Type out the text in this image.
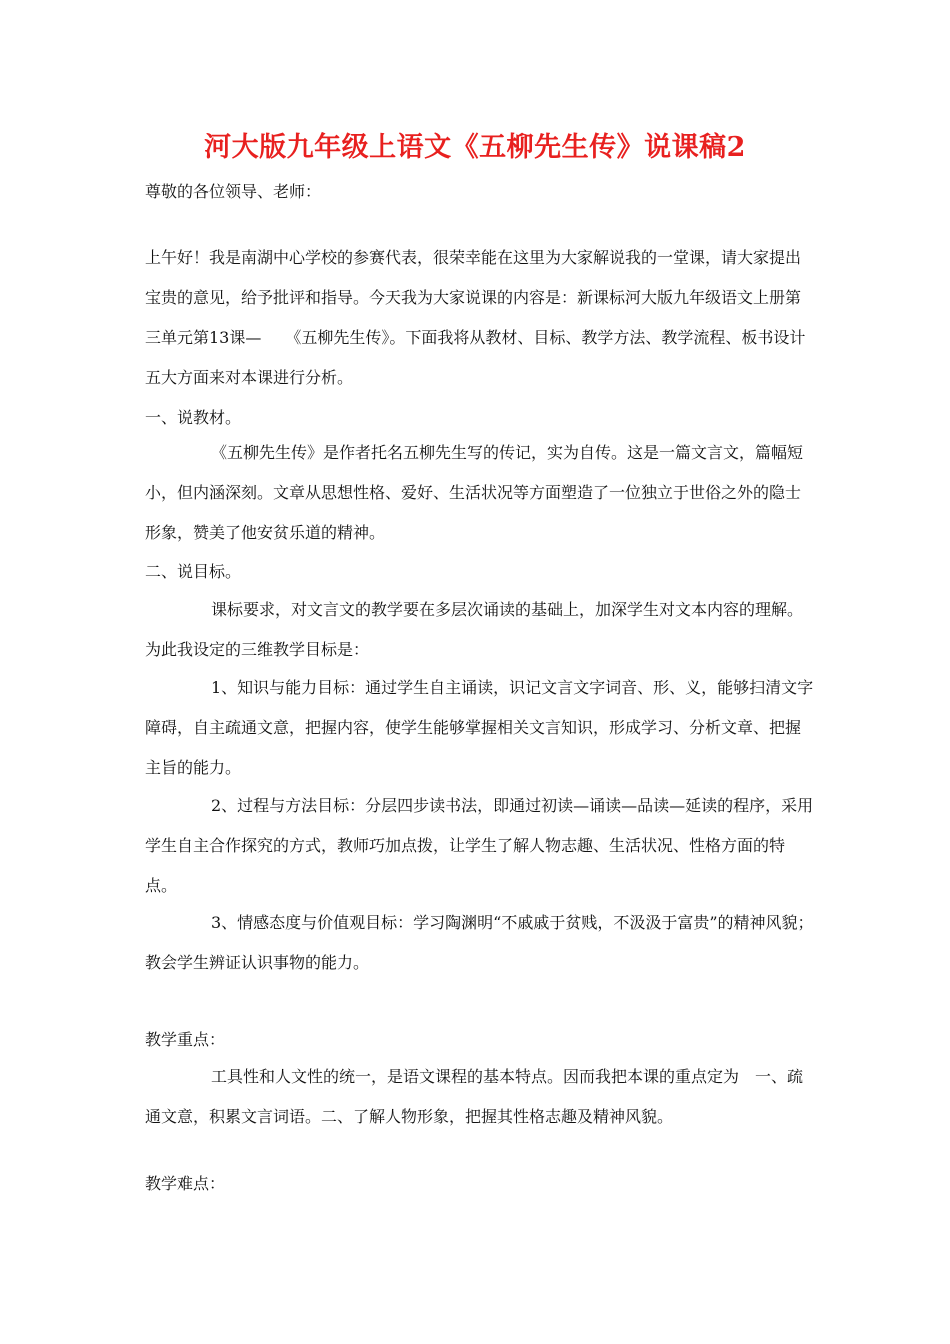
河大版九年级上语文《五柳先生传》说课稿2

尊敬的各位领导、老师：

上午好！我是南湖中心学校的参赛代表，很荣幸能在这里为大家解说我的一堂课，请大家提出宝贵的意见，给予批评和指导。今天我为大家说课的内容是：新课标河大版九年级语文上册第三单元第13课—　　《五柳先生传》。下面我将从教材、目标、教学方法、教学流程、板书设计五大方面来对本课进行分析。

一、说教材。

《五柳先生传》是作者托名五柳先生写的传记，实为自传。这是一篇文言文，篇幅短小，但内涵深刻。文章从思想性格、爱好、生活状况等方面塑造了一位独立于世俗之外的隐士形象，赞美了他安贫乐道的精神。

二、说目标。

课标要求，对文言文的教学要在多层次诵读的基础上，加深学生对文本内容的理解。为此我设定的三维教学目标是：

1、知识与能力目标：通过学生自主诵读，识记文言文字词音、形、义，能够扫清文字障碍，自主疏通文意，把握内容，使学生能够掌握相关文言知识，形成学习、分析文章、把握主旨的能力。

2、过程与方法目标：分层四步读书法，即通过初读—诵读—品读—延读的程序，采用学生自主合作探究的方式，教师巧加点拨，让学生了解人物志趣、生活状况、性格方面的特点。

3、情感态度与价值观目标：学习陶渊明“不戚戚于贫贱，不汲汲于富贵”的精神风貌；教会学生辨证认识事物的能力。

教学重点：

工具性和人文性的统一，是语文课程的基本特点。因而我把本课的重点定为　一、疏通文意，积累文言词语。二、了解人物形象，把握其性格志趣及精神风貌。

教学难点：
